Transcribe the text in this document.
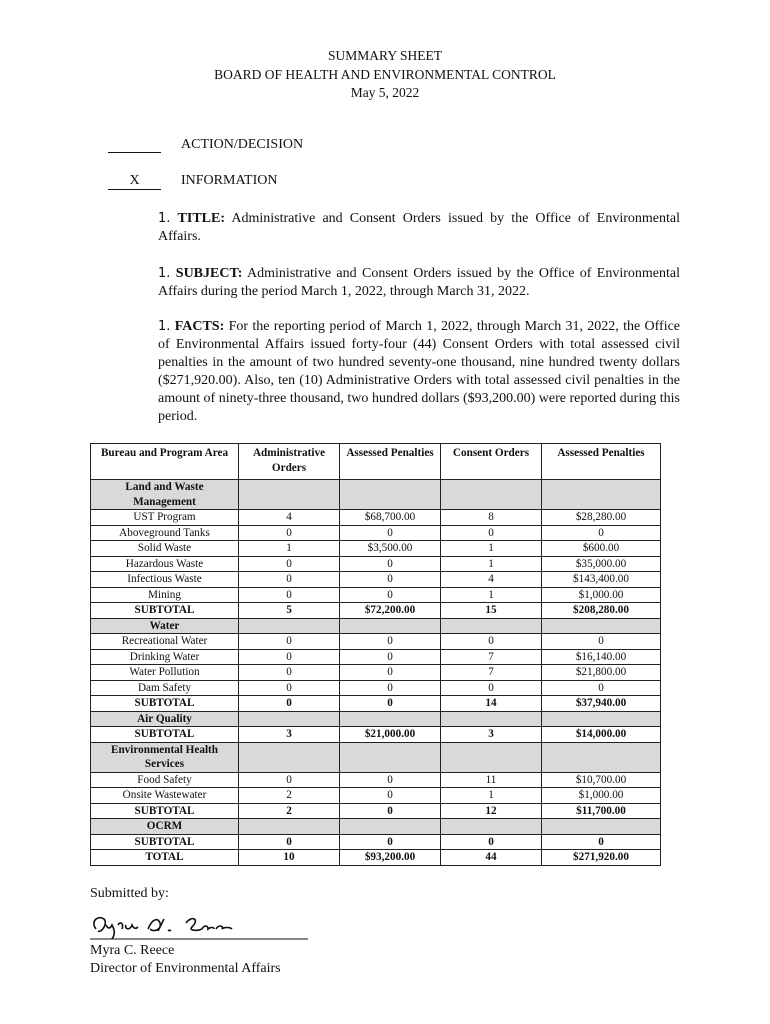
SUMMARY SHEET
BOARD OF HEALTH AND ENVIRONMENTAL CONTROL
May 5, 2022
ACTION/DECISION
X	INFORMATION
1. TITLE: Administrative and Consent Orders issued by the Office of Environmental Affairs.
1. SUBJECT: Administrative and Consent Orders issued by the Office of Environmental Affairs during the period March 1, 2022, through March 31, 2022.
1. FACTS: For the reporting period of March 1, 2022, through March 31, 2022, the Office of Environmental Affairs issued forty-four (44) Consent Orders with total assessed civil penalties in the amount of two hundred seventy-one thousand, nine hundred twenty dollars ($271,920.00). Also, ten (10) Administrative Orders with total assessed civil penalties in the amount of ninety-three thousand, two hundred dollars ($93,200.00) were reported during this period.
Bureau and Program Area	Administrative Orders	Assessed Penalties	Consent Orders	Assessed Penalties
Land and Waste Management				
UST Program	4	$68,700.00	8	$28,280.00
Aboveground Tanks	0	0	0	0
Solid Waste	1	$3,500.00	1	$600.00
Hazardous Waste	0	0	1	$35,000.00
Infectious Waste	0	0	4	$143,400.00
Mining	0	0	1	$1,000.00
SUBTOTAL	5	$72,200.00	15	$208,280.00
Water				
Recreational Water	0	0	0	0
Drinking Water	0	0	7	$16,140.00
Water Pollution	0	0	7	$21,800.00
Dam Safety	0	0	0	0
SUBTOTAL	0	0	14	$37,940.00
Air Quality				
SUBTOTAL	3	$21,000.00	3	$14,000.00
Environmental Health Services				
Food Safety	0	0	11	$10,700.00
Onsite Wastewater	2	0	1	$1,000.00
SUBTOTAL	2	0	12	$11,700.00
OCRM				
SUBTOTAL	0	0	0	0
TOTAL	10	$93,200.00	44	$271,920.00
Submitted by:
Myra C. Reece
Director of Environmental Affairs
